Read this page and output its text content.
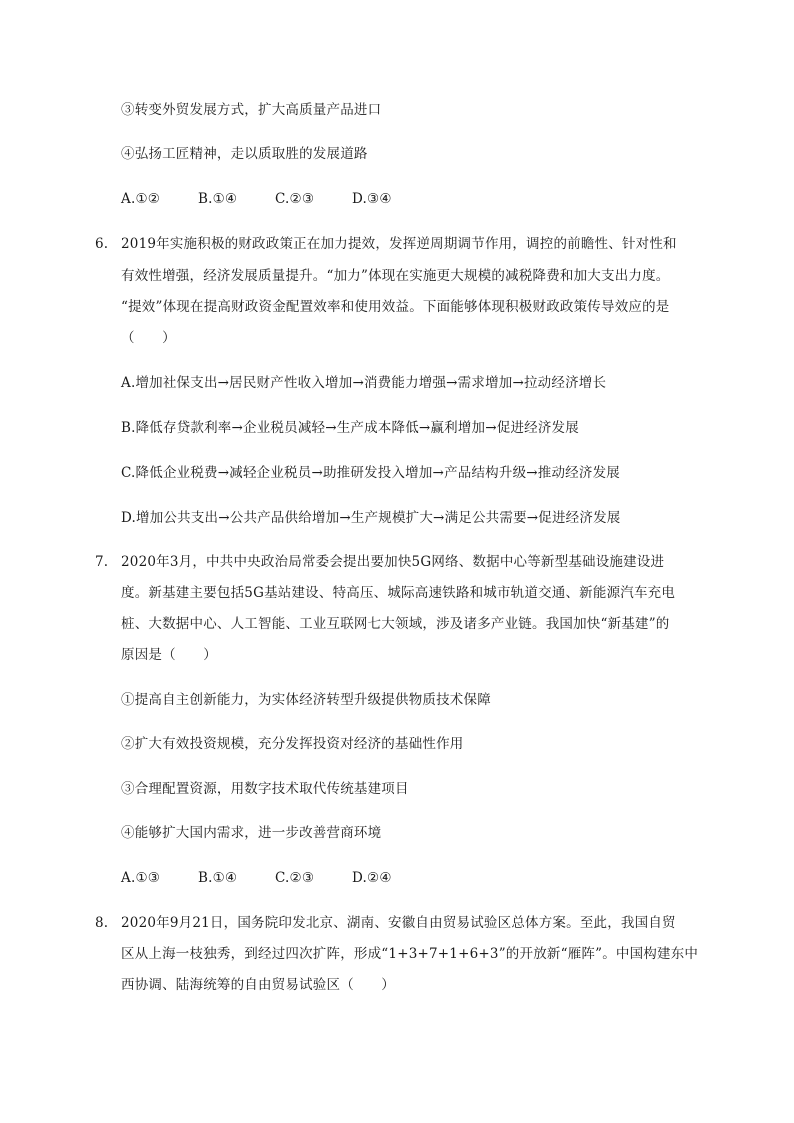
③转变外贸发展方式，扩大高质量产品进口
④弘扬工匠精神，走以质取胜的发展道路
A.①②	B.①④	C.②③	D.③④
6. 2019年实施积极的财政政策正在加力提效，发挥逆周期调节作用，调控的前瞻性、针对性和
有效性增强，经济发展质量提升。“加力”体现在实施更大规模的减税降费和加大支出力度。
“提效”体现在提高财政资金配置效率和使用效益。下面能够体现积极财政政策传导效应的是
（　　）
A.增加社保支出→居民财产性收入增加→消费能力增强→需求增加→拉动经济增长
B.降低存贷款利率→企业税员减轻→生产成本降低→赢利增加→促进经济发展
C.降低企业税费→减轻企业税员→助推研发投入增加→产品结构升级→推动经济发展
D.增加公共支出→公共产品供给增加→生产规模扩大→满足公共需要→促进经济发展
7. 2020年3月，中共中央政治局常委会提出要加快5G网络、数据中心等新型基础设施建设进
度。新基建主要包括5G基站建设、特高压、城际高速铁路和城市轨道交通、新能源汽车充电
桩、大数据中心、人工智能、工业互联网七大领域，涉及诸多产业链。我国加快“新基建”的
原因是（　　）
①提高自主创新能力，为实体经济转型升级提供物质技术保障
②扩大有效投资规模，充分发挥投资对经济的基础性作用
③合理配置资源，用数字技术取代传统基建项目
④能够扩大国内需求，进一步改善营商环境
A.①③	B.①④	C.②③	D.②④
8. 2020年9月21日，国务院印发北京、湖南、安徽自由贸易试验区总体方案。至此，我国自贸
区从上海一枝独秀，到经过四次扩阵，形成“1+3+7+1+6+3”的开放新“雁阵”。中国构建东中
西协调、陆海统筹的自由贸易试验区（　　）
